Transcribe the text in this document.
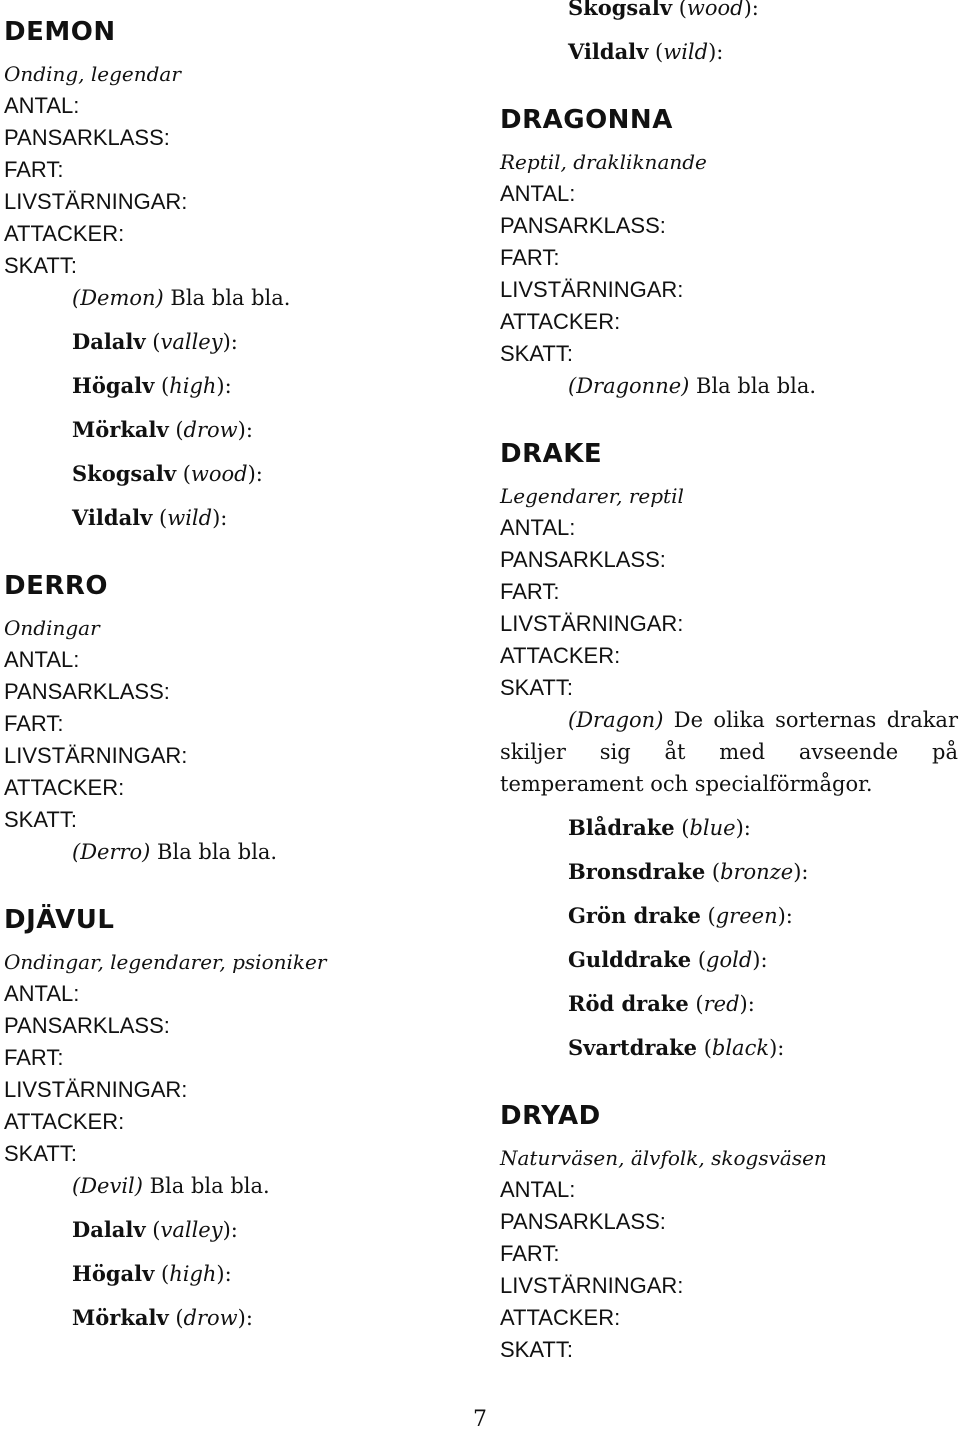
DEMON
Onding, legendar
ANTAL:
PANSARKLASS:
FART:
LIVSTÄRNINGAR:
ATTACKER:
SKATT:
(Demon) Bla bla bla.
Dalalv (valley):
Högalv (high):
Mörkalv (drow):
Skogsalv (wood):
Vildalv (wild):
DERRO
Ondingar
ANTAL:
PANSARKLASS:
FART:
LIVSTÄRNINGAR:
ATTACKER:
SKATT:
(Derro) Bla bla bla.
DJÄVUL
Ondingar, legendarer, psioniker
ANTAL:
PANSARKLASS:
FART:
LIVSTÄRNINGAR:
ATTACKER:
SKATT:
(Devil) Bla bla bla.
Dalalv (valley):
Högalv (high):
Mörkalv (drow):
Skogsalv (wood):
Vildalv (wild):
DRAGONNA
Reptil, drakliknande
ANTAL:
PANSARKLASS:
FART:
LIVSTÄRNINGAR:
ATTACKER:
SKATT:
(Dragonne) Bla bla bla.
DRAKE
Legendarer, reptil
ANTAL:
PANSARKLASS:
FART:
LIVSTÄRNINGAR:
ATTACKER:
SKATT:
(Dragon) De olika sorternas drakar skiljer sig åt med avseende på temperament och specialförmågor.
Blådrake (blue):
Bronsdrake (bronze):
Grön drake (green):
Gulddrake (gold):
Röd drake (red):
Svartdrake (black):
DRYAD
Naturväsen, älvfolk, skogsväsen
ANTAL:
PANSARKLASS:
FART:
LIVSTÄRNINGAR:
ATTACKER:
SKATT:
7
